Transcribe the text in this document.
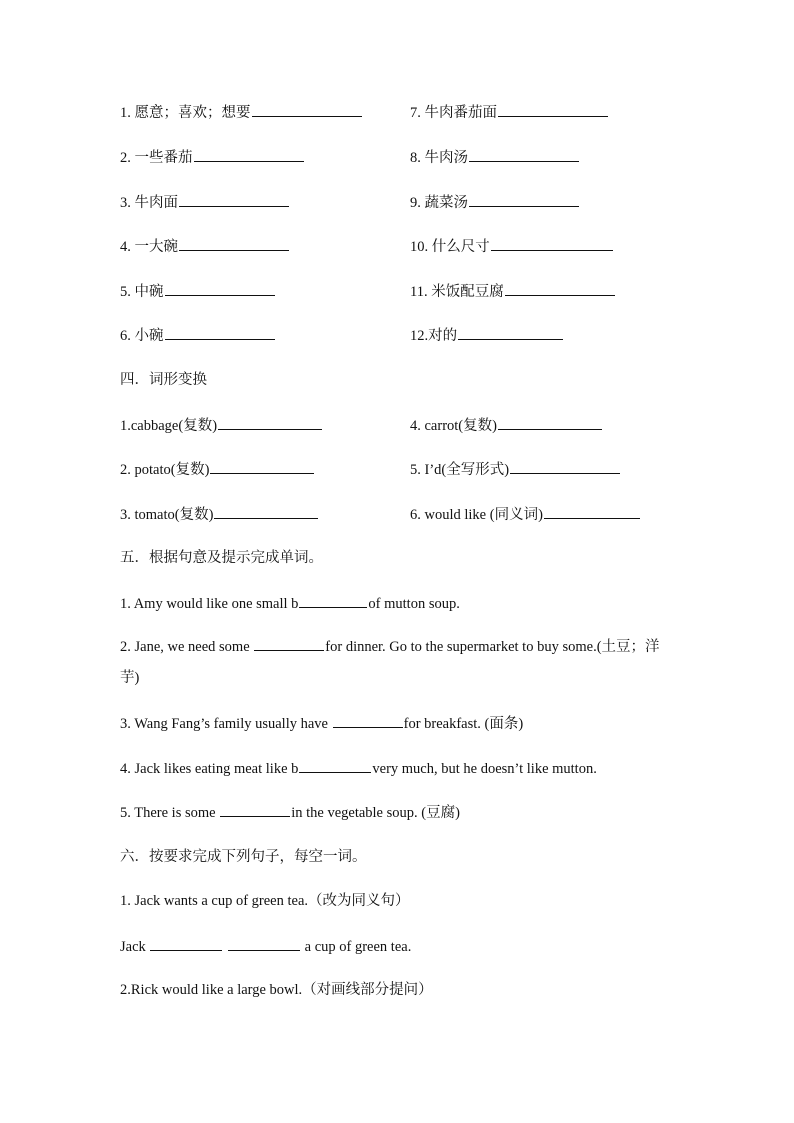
1. 愿意；喜欢；想要	7. 牛肉番茄面
2. 一些番茄	8. 牛肉汤
3. 牛肉面	9. 蔬菜汤
4. 一大碗	10. 什么尺寸
5. 中碗	11. 米饭配豆腐
6. 小碗	12.对的
四．词形变换
1.cabbage(复数)	4. carrot(复数)
2. potato(复数)	5. I’d(全写形式)
3. tomato(复数)	6. would like (同义词)
五．根据句意及提示完成单词。
1. Amy would like one small b	of mutton soup.
2. Jane, we need some	for dinner. Go to the supermarket to buy some.(土豆；洋芋)
3. Wang Fang’s family usually have	for breakfast. (面条)
4. Jack likes eating meat like b	very much, but he doesn’t like mutton.
5. There is some	in the vegetable soup. (豆腐)
六．按要求完成下列句子，每空一词。
1. Jack wants a cup of green tea.（改为同义句）
Jack	a cup of green tea.
2.Rick would like a large bowl.（对画线部分提问）
